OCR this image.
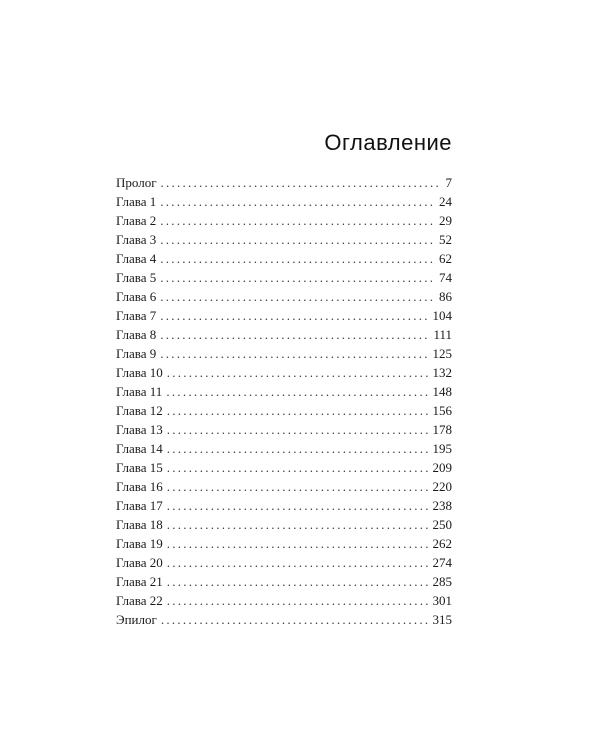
Оглавление
Пролог . . .	7
Глава 1 . . .	24
Глава 2 . . .	29
Глава 3 . . .	52
Глава 4 . . .	62
Глава 5 . . .	74
Глава 6 . . .	86
Глава 7 . . .	104
Глава 8 . . .	111
Глава 9 . . .	125
Глава 10 . . .	132
Глава 11 . . .	148
Глава 12 . . .	156
Глава 13 . . .	178
Глава 14 . . .	195
Глава 15 . . .	209
Глава 16 . . .	220
Глава 17 . . .	238
Глава 18 . . .	250
Глава 19 . . .	262
Глава 20 . . .	274
Глава 21 . . .	285
Глава 22 . . .	301
Эпилог . . .	315
